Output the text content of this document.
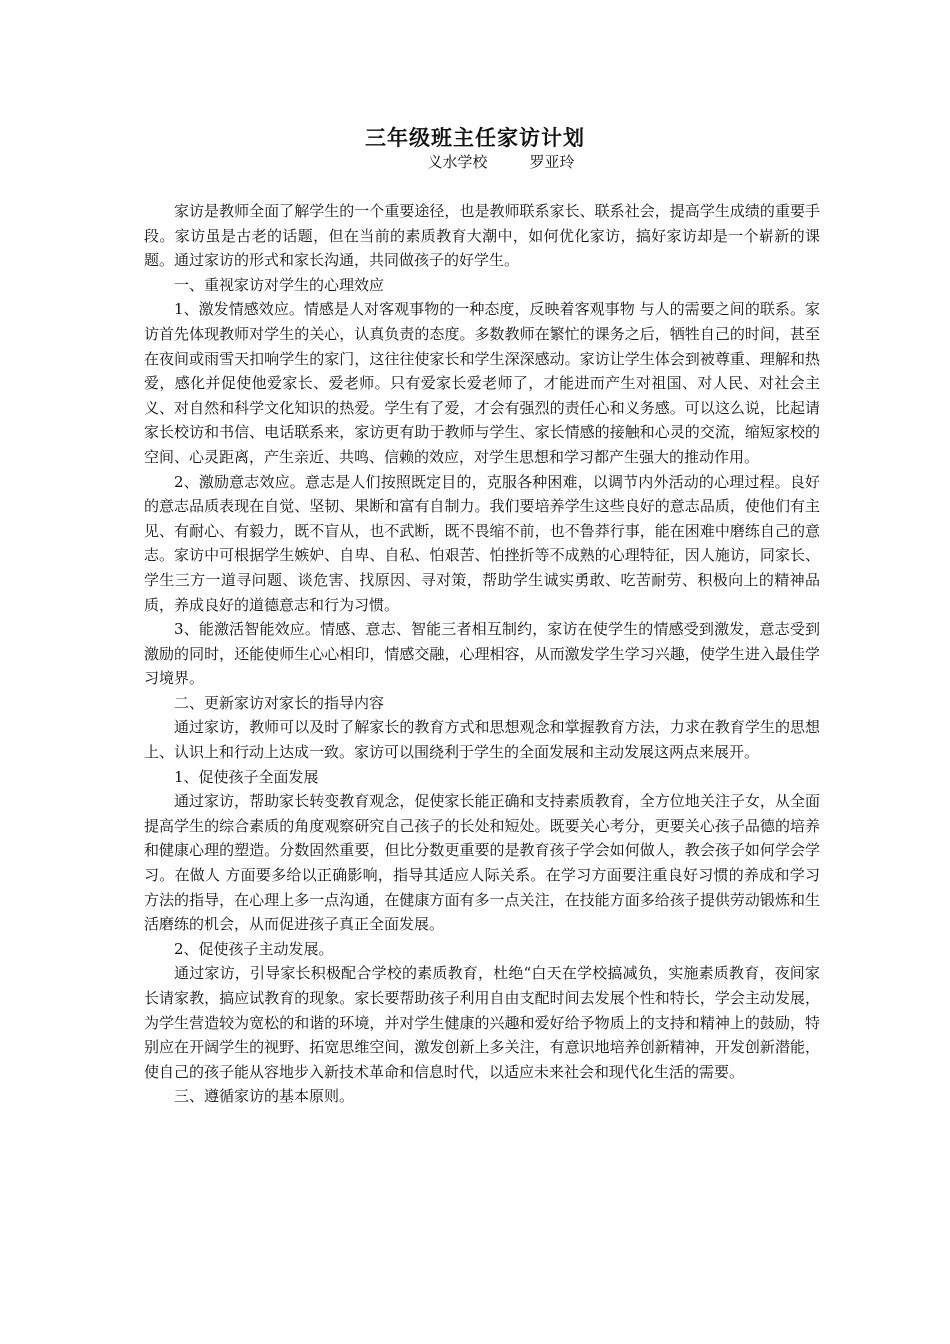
三年级班主任家访计划
义水学校	罗亚玲

家访是教师全面了解学生的一个重要途径，也是教师联系家长、联系社会，提高学生成绩的重要手段。家访虽是古老的话题，但在当前的素质教育大潮中，如何优化家访，搞好家访却是一个崭新的课题。通过家访的形式和家长沟通，共同做孩子的好学生。

一、重视家访对学生的心理效应

1、激发情感效应。情感是人对客观事物的一种态度，反映着客观事物 与人的需要之间的联系。家访首先体现教师对学生的关心，认真负责的态度。多数教师在繁忙的课务之后，牺牲自己的时间，甚至在夜间或雨雪天扣响学生的家门，这往往使家长和学生深深感动。家访让学生体会到被尊重、理解和热爱，感化并促使他爱家长、爱老师。只有爱家长爱老师了，才能进而产生对祖国、对人民、对社会主义、对自然和科学文化知识的热爱。学生有了爱，才会有强烈的责任心和义务感。可以这么说，比起请家长校访和书信、电话联系来，家访更有助于教师与学生、家长情感的接触和心灵的交流，缩短家校的空间、心灵距离，产生亲近、共鸣、信赖的效应，对学生思想和学习都产生强大的推动作用。

2、激励意志效应。意志是人们按照既定目的，克服各种困难，以调节内外活动的心理过程。良好的意志品质表现在自觉、坚韧、果断和富有自制力。我们要培养学生这些良好的意志品质，使他们有主见、有耐心、有毅力，既不盲从，也不武断，既不畏缩不前，也不鲁莽行事，能在困难中磨练自己的意志。家访中可根据学生嫉妒、自卑、自私、怕艰苦、怕挫折等不成熟的心理特征，因人施访，同家长、学生三方一道寻问题、谈危害、找原因、寻对策，帮助学生诚实勇敢、吃苦耐劳、积极向上的精神品质，养成良好的道德意志和行为习惯。

3、能激活智能效应。情感、意志、智能三者相互制约，家访在使学生的情感受到激发，意志受到激励的同时，还能使师生心心相印，情感交融，心理相容，从而激发学生学习兴趣，使学生进入最佳学习境界。

二、更新家访对家长的指导内容

通过家访，教师可以及时了解家长的教育方式和思想观念和掌握教育方法，力求在教育学生的思想上、认识上和行动上达成一致。家访可以围绕利于学生的全面发展和主动发展这两点来展开。

1、促使孩子全面发展

通过家访，帮助家长转变教育观念，促使家长能正确和支持素质教育，全方位地关注子女，从全面提高学生的综合素质的角度观察研究自己孩子的长处和短处。既要关心考分，更要关心孩子品德的培养和健康心理的塑造。分数固然重要，但比分数更重要的是教育孩子学会如何做人，教会孩子如何学会学习。在做人 方面要多给以正确影响，指导其适应人际关系。在学习方面要注重良好习惯的养成和学习方法的指导，在心理上多一点沟通，在健康方面有多一点关注，在技能方面多给孩子提供劳动锻炼和生活磨练的机会，从而促进孩子真正全面发展。

2、促使孩子主动发展。

通过家访，引导家长积极配合学校的素质教育，杜绝“白天在学校搞减负，实施素质教育，夜间家长请家教，搞应试教育的现象。家长要帮助孩子利用自由支配时间去发展个性和特长，学会主动发展，为学生营造较为宽松的和谐的环境，并对学生健康的兴趣和爱好给予物质上的支持和精神上的鼓励，特别应在开阔学生的视野、拓宽思维空间，激发创新上多关注，有意识地培养创新精神，开发创新潜能，使自己的孩子能从容地步入新技术革命和信息时代，以适应未来社会和现代化生活的需要。

三、遵循家访的基本原则。
